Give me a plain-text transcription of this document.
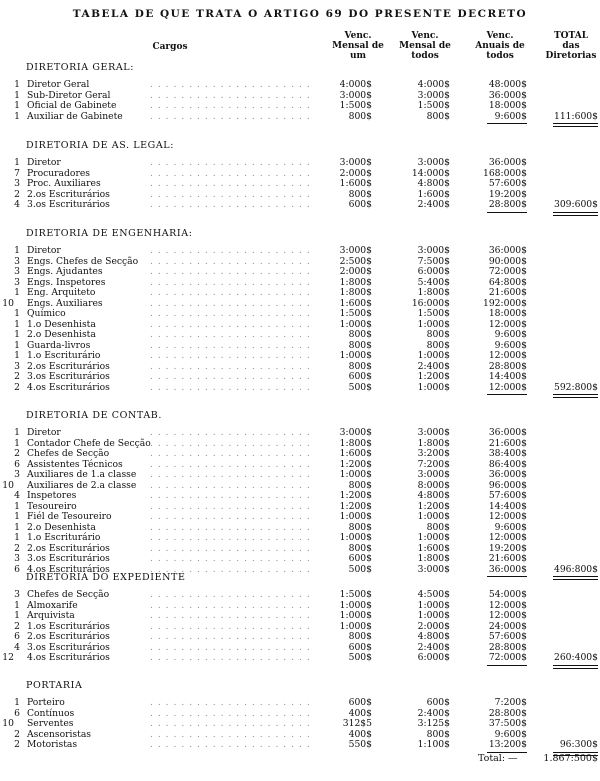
TABELA DE QUE TRATA O ARTIGO 69 DO PRESENTE DECRETO
Cargos
Venc. Mensal de um
Venc. Mensal de todos
Venc. Anuais de todos
TOTAL das Diretorias
DIRETORIA GERAL:
1 Diretor Geral	. . . . . . . . . . . . . . . . . . . . .	4:000$	4:000$	48:000$
1 Sub-Diretor Geral	. . . . . . . . . . . . . . . . . . . . .	3:000$	3:000$	36:000$
1 Oficial de Gabinete	. . . . . . . . . . . . . . . . . . . . .	1:500$	1:500$	18:000$
1 Auxiliar de Gabinete	. . . . . . . . . . . . . . . . . . . . .	800$	800$	9:600$	111:600$
DIRETORIA DE AS. LEGAL:
1 Diretor	. . . . . . . . . . . . . . . . . . . . .	3:000$	3:000$	36:000$
7 Procuradores	. . . . . . . . . . . . . . . . . . . . .	2:000$	14:000$	168:000$
3 Proc. Auxiliares	. . . . . . . . . . . . . . . . . . . . .	1:600$	4:800$	57:600$
2 2.os Escriturários	. . . . . . . . . . . . . . . . . . . . .	800$	1:600$	19:200$
4 3.os Escriturários	. . . . . . . . . . . . . . . . . . . . .	600$	2:400$	28:800$	309:600$
DIRETORIA DE ENGENHARIA:
1 Diretor	. . . . . . . . . . . . . . . . . . . . .	3:000$	3:000$	36:000$
3 Engs. Chefes de Secção . . . . . . . . . . . . . . . . . . . . .	2:500$	7:500$	90:000$
3 Engs. Ajudantes	. . . . . . . . . . . . . . . . . . . . .	2:000$	6:000$	72:000$
3 Engs. Inspetores	. . . . . . . . . . . . . . . . . . . . .	1:800$	5:400$	64:800$
1 Eng. Arquiteto	. . . . . . . . . . . . . . . . . . . . .	1:800$	1:800$	21:600$
10 Engs. Auxiliares	. . . . . . . . . . . . . . . . . . . . .	1:600$	16:000$	192:000$
1 Químico	. . . . . . . . . . . . . . . . . . . . .	1:500$	1:500$	18:000$
1 1.o Desenhista	. . . . . . . . . . . . . . . . . . . . .	1:000$	1:000$	12:000$
1 2.o Desenhista	. . . . . . . . . . . . . . . . . . . . .	800$	800$	9:600$
1 Guarda-livros	. . . . . . . . . . . . . . . . . . . . .	800$	800$	9:600$
1 1.o Escriturário	. . . . . . . . . . . . . . . . . . . . .	1:000$	1:000$	12:000$
3 2.os Escriturários	. . . . . . . . . . . . . . . . . . . . .	800$	2:400$	28:800$
2 3.os Escriturários	. . . . . . . . . . . . . . . . . . . . .	600$	1:200$	14:400$
2 4.os Escriturários	. . . . . . . . . . . . . . . . . . . . .	500$	1:000$	12:000$	592:800$
DIRETORIA DE CONTAB.
1 Diretor	. . . . . . . . . . . . . . . . . . . . .	3:000$	3:000$	36:000$
1 Contador Chefe de Secção . . . . . . . . . . . . . . . . . . . . .	1:800$	1:800$	21:600$
2 Chefes de Secção	. . . . . . . . . . . . . . . . . . . . .	1:600$	3:200$	38:400$
6 Assistentes Técnicos	. . . . . . . . . . . . . . . . . . . . .	1:200$	7:200$	86:400$
3 Auxiliares de 1.a classe . . . . . . . . . . . . . . . . . . . . .	1:000$	3:000$	36:000$
10 Auxiliares de 2.a classe . . . . . . . . . . . . . . . . . . . . .	800$	8:000$	96:000$
4 Inspetores	. . . . . . . . . . . . . . . . . . . . .	1:200$	4:800$	57:600$
1 Tesoureiro	. . . . . . . . . . . . . . . . . . . . .	1:200$	1:200$	14:400$
1 Fiél de Tesoureiro	. . . . . . . . . . . . . . . . . . . . .	1:000$	1:000$	12:000$
1 2.o Desenhista	. . . . . . . . . . . . . . . . . . . . .	800$	800$	9:600$
1 1.o Escriturário	. . . . . . . . . . . . . . . . . . . . .	1:000$	1:000$	12:000$
2 2.os Escriturários	. . . . . . . . . . . . . . . . . . . . .	800$	1:600$	19:200$
3 3.os Escriturários	. . . . . . . . . . . . . . . . . . . . .	600$	1:800$	21:600$
6 4.os Escriturários	. . . . . . . . . . . . . . . . . . . . .	500$	3:000$	36:000$	496:800$
DIRETORIA DO EXPEDIENTE
3 Chefes de Secção	. . . . . . . . . . . . . . . . . . . . .	1:500$	4:500$	54:000$
1 Almoxarife	. . . . . . . . . . . . . . . . . . . . .	1:000$	1:000$	12:000$
1 Arquivista	. . . . . . . . . . . . . . . . . . . . .	1:000$	1:000$	12:000$
2 1.os Escriturários	. . . . . . . . . . . . . . . . . . . . .	1:000$	2:000$	24:000$
6 2.os Escriturários	. . . . . . . . . . . . . . . . . . . . .	800$	4:800$	57:600$
4 3.os Escriturários	. . . . . . . . . . . . . . . . . . . . .	600$	2:400$	28:800$
12 4.os Escriturários	. . . . . . . . . . . . . . . . . . . . .	500$	6:000$	72:000$	260:400$
PORTARIA
1 Porteiro	. . . . . . . . . . . . . . . . . . . . .	600$	600$	7:200$
6 Contínuos	. . . . . . . . . . . . . . . . . . . . .	400$	2:400$	28:800$
10 Serventes	. . . . . . . . . . . . . . . . . . . . .	312$5	3:125$	37:500$
2 Ascensoristas	. . . . . . . . . . . . . . . . . . . . .	400$	800$	9:600$
2 Motoristas	. . . . . . . . . . . . . . . . . . . . .	550$	1:100$	13:200$	96:300$
Total: —	1.867:500$
